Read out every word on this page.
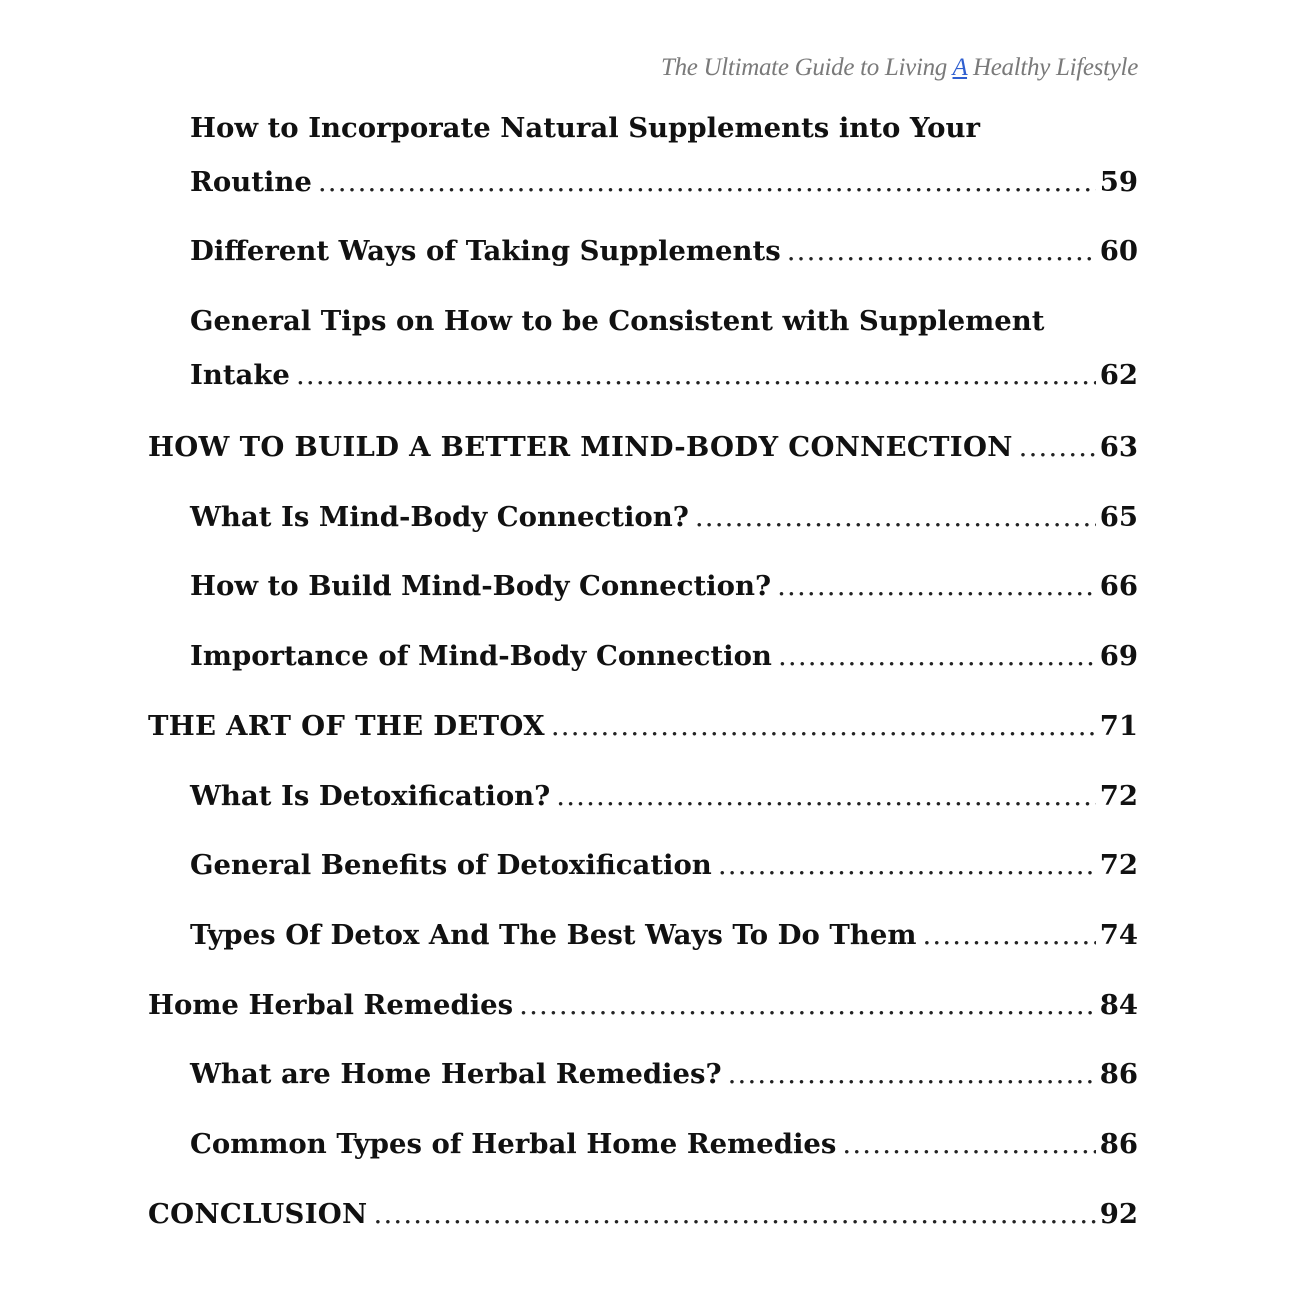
The Ultimate Guide to Living A Healthy Lifestyle
How to Incorporate Natural Supplements into Your
Routine .....	59
Different Ways of Taking Supplements .....	60
General Tips on How to be Consistent with Supplement
Intake .....	62
HOW TO BUILD A BETTER MIND-BODY CONNECTION .....	63
What Is Mind-Body Connection? .....	65
How to Build Mind-Body Connection? .....	66
Importance of Mind-Body Connection .....	69
THE ART OF THE DETOX .....	71
What Is Detoxification? .....	72
General Benefits of Detoxification .....	72
Types Of Detox And The Best Ways To Do Them .....	74
Home Herbal Remedies .....	84
What are Home Herbal Remedies? .....	86
Common Types of Herbal Home Remedies .....	86
CONCLUSION .....	92
